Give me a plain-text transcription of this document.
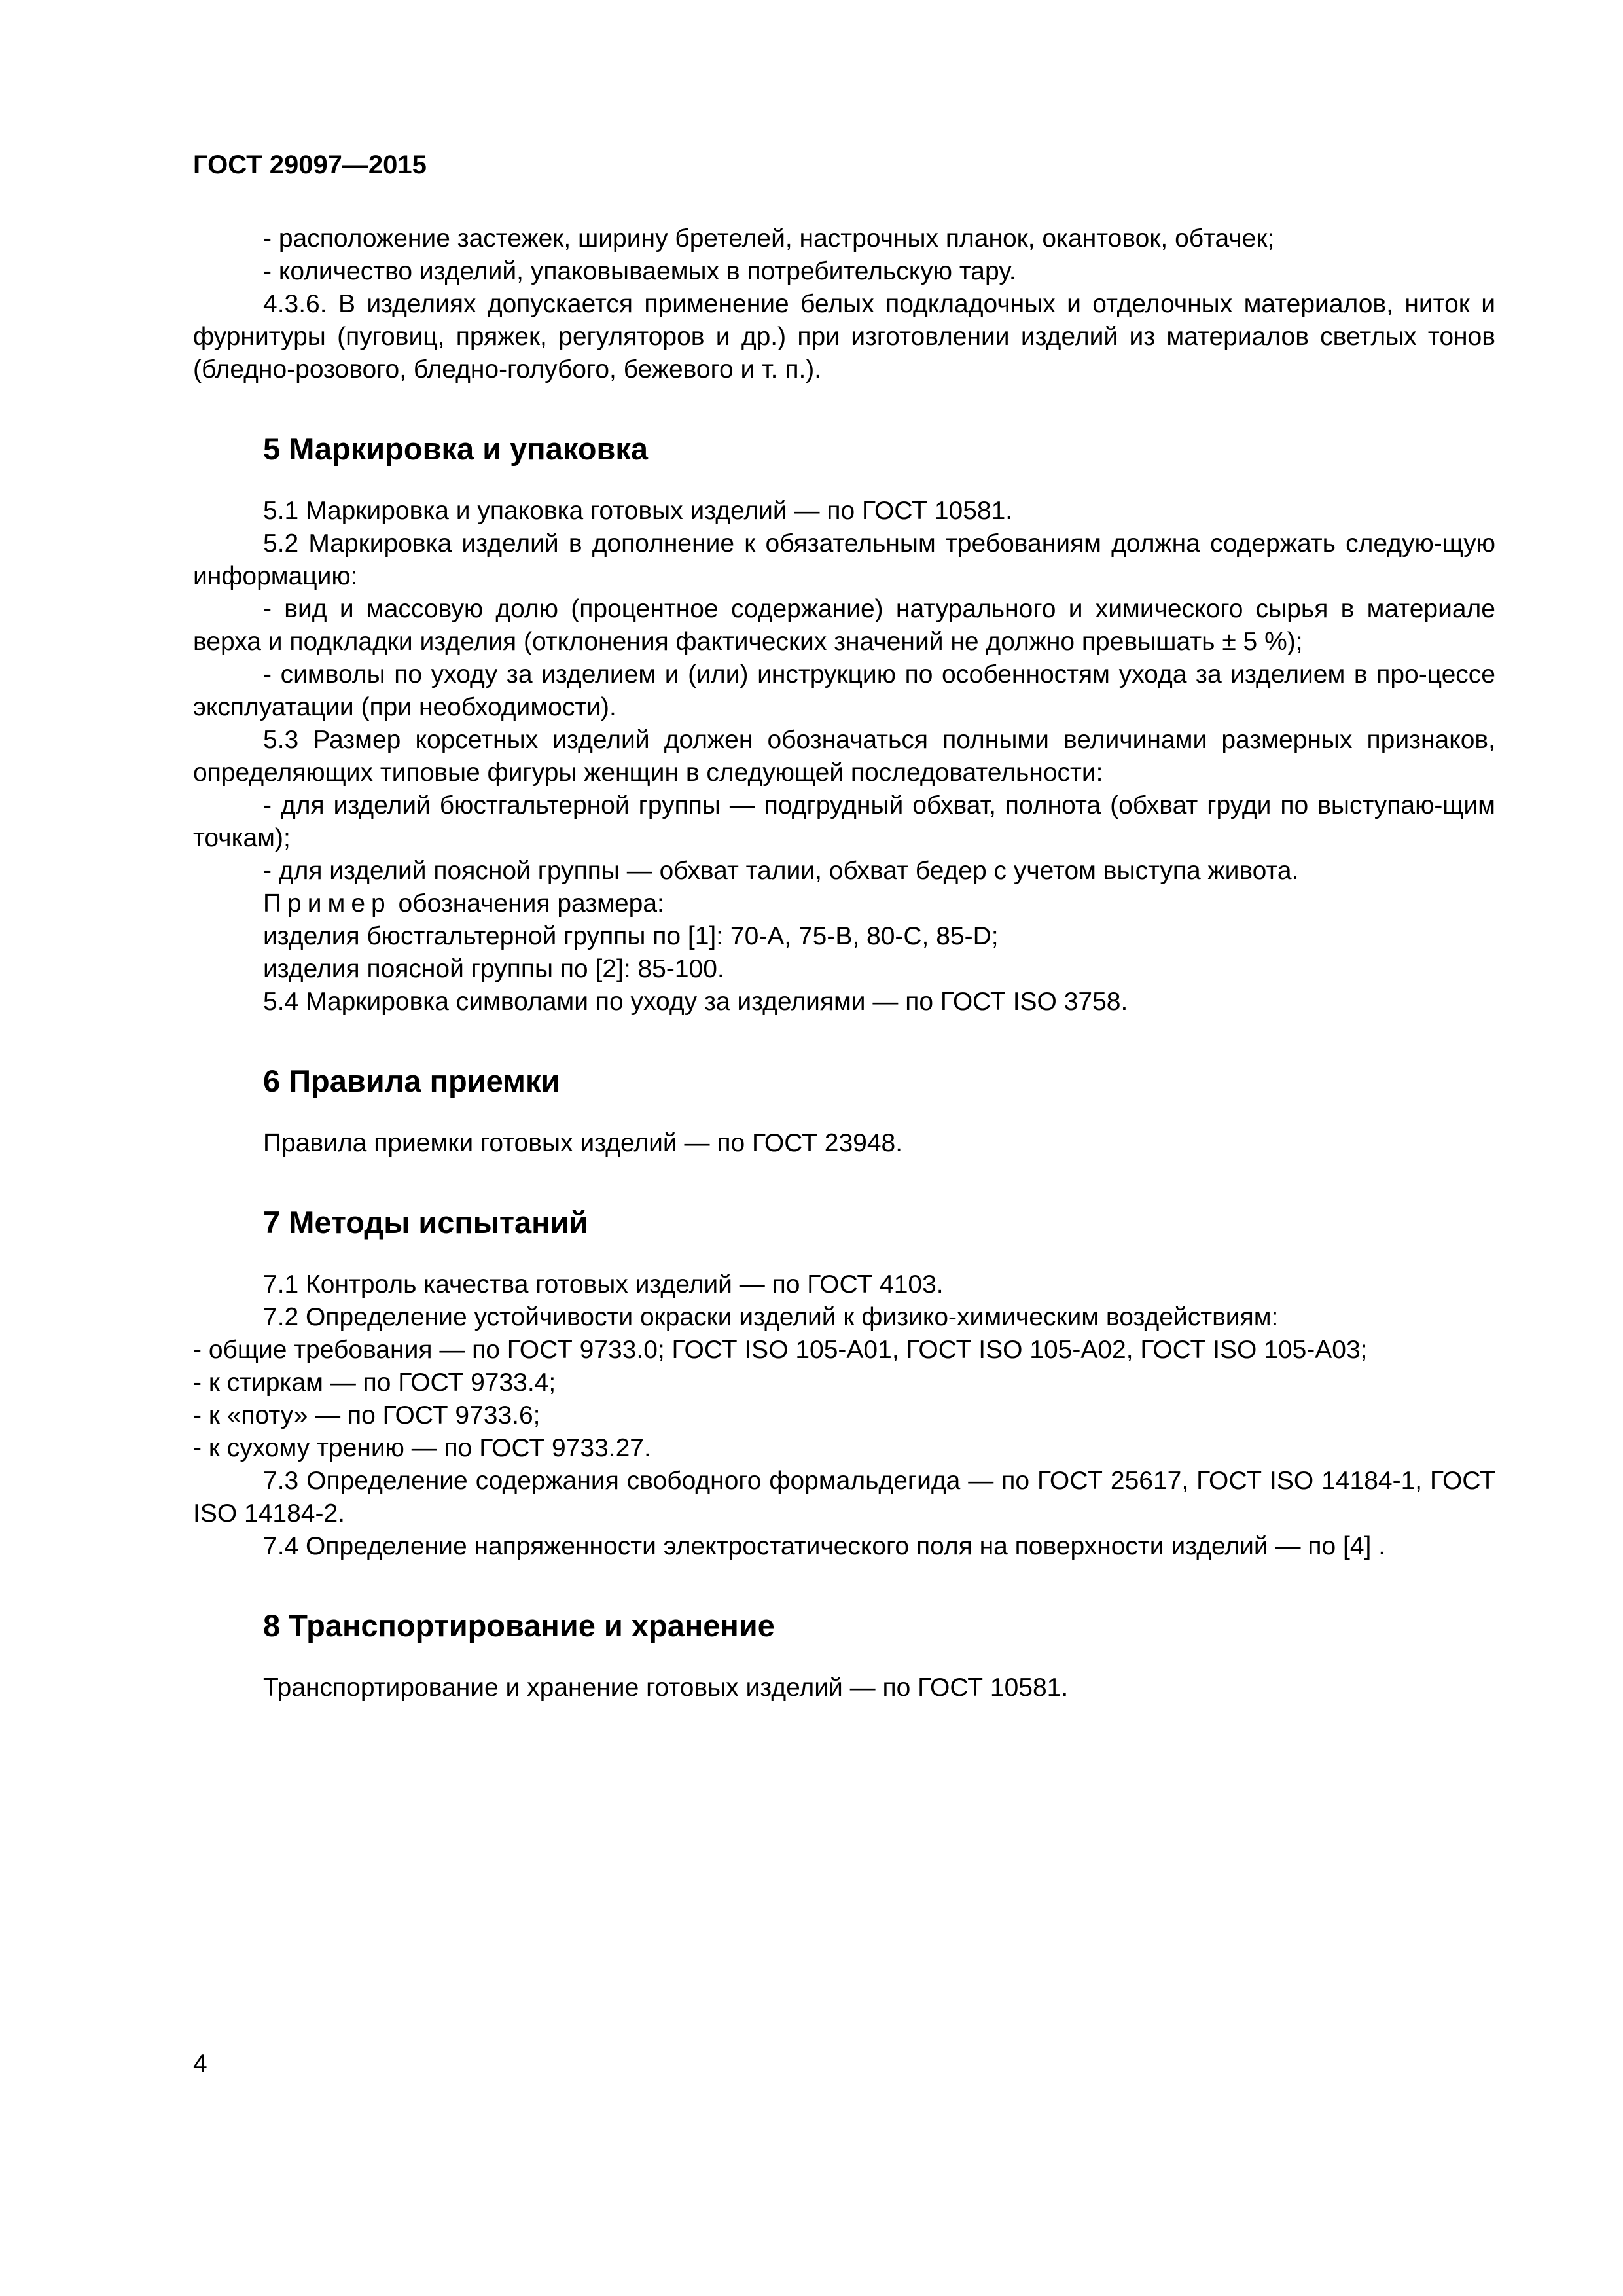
ГОСТ 29097—2015

- расположение застежек, ширину бретелей, настрочных планок, окантовок, обтачек;

- количество изделий, упаковываемых в потребительскую тару.

4.3.6. В изделиях допускается применение белых подкладочных и отделочных материалов, ниток и фурнитуры (пуговиц, пряжек, регуляторов и др.) при изготовлении изделий из материалов светлых тонов (бледно-розового, бледно-голубого, бежевого и т. п.).

5 Маркировка и упаковка

5.1 Маркировка и упаковка готовых изделий — по ГОСТ 10581.

5.2 Маркировка изделий в дополнение к обязательным требованиям должна содержать следую-щую информацию:

- вид и массовую долю (процентное содержание) натурального и химического сырья в материале верха и подкладки изделия (отклонения фактических значений не должно превышать ± 5 %);

- символы по уходу за изделием и (или) инструкцию по особенностям ухода за изделием в про-цессе эксплуатации (при необходимости).

5.3 Размер корсетных изделий должен обозначаться полными величинами размерных признаков, определяющих типовые фигуры женщин в следующей последовательности:

- для изделий бюстгальтерной группы — подгрудный обхват, полнота (обхват груди по выступаю-щим точкам);

- для изделий поясной группы — обхват талии, обхват бедер с учетом выступа живота.

Пример обозначения размера:

изделия бюстгальтерной группы по [1]: 70-А, 75-В, 80-С, 85-D;

изделия поясной группы по [2]: 85-100.

5.4 Маркировка символами по уходу за изделиями — по ГОСТ ISO 3758.

6 Правила приемки

Правила приемки готовых изделий — по ГОСТ 23948.

7 Методы испытаний

7.1 Контроль качества готовых изделий — по ГОСТ 4103.

7.2 Определение устойчивости окраски изделий к физико-химическим воздействиям:

- общие требования — по ГОСТ 9733.0; ГОСТ ISO 105-А01, ГОСТ ISO 105-А02, ГОСТ ISO 105-А03;

- к стиркам — по ГОСТ 9733.4;

- к «поту» — по ГОСТ 9733.6;

- к сухому трению — по ГОСТ 9733.27.

7.3 Определение содержания свободного формальдегида — по ГОСТ 25617, ГОСТ ISO 14184-1, ГОСТ ISO 14184-2.

7.4 Определение напряженности электростатического поля на поверхности изделий — по [4] .

8 Транспортирование и хранение

Транспортирование и хранение готовых изделий — по ГОСТ 10581.

4
